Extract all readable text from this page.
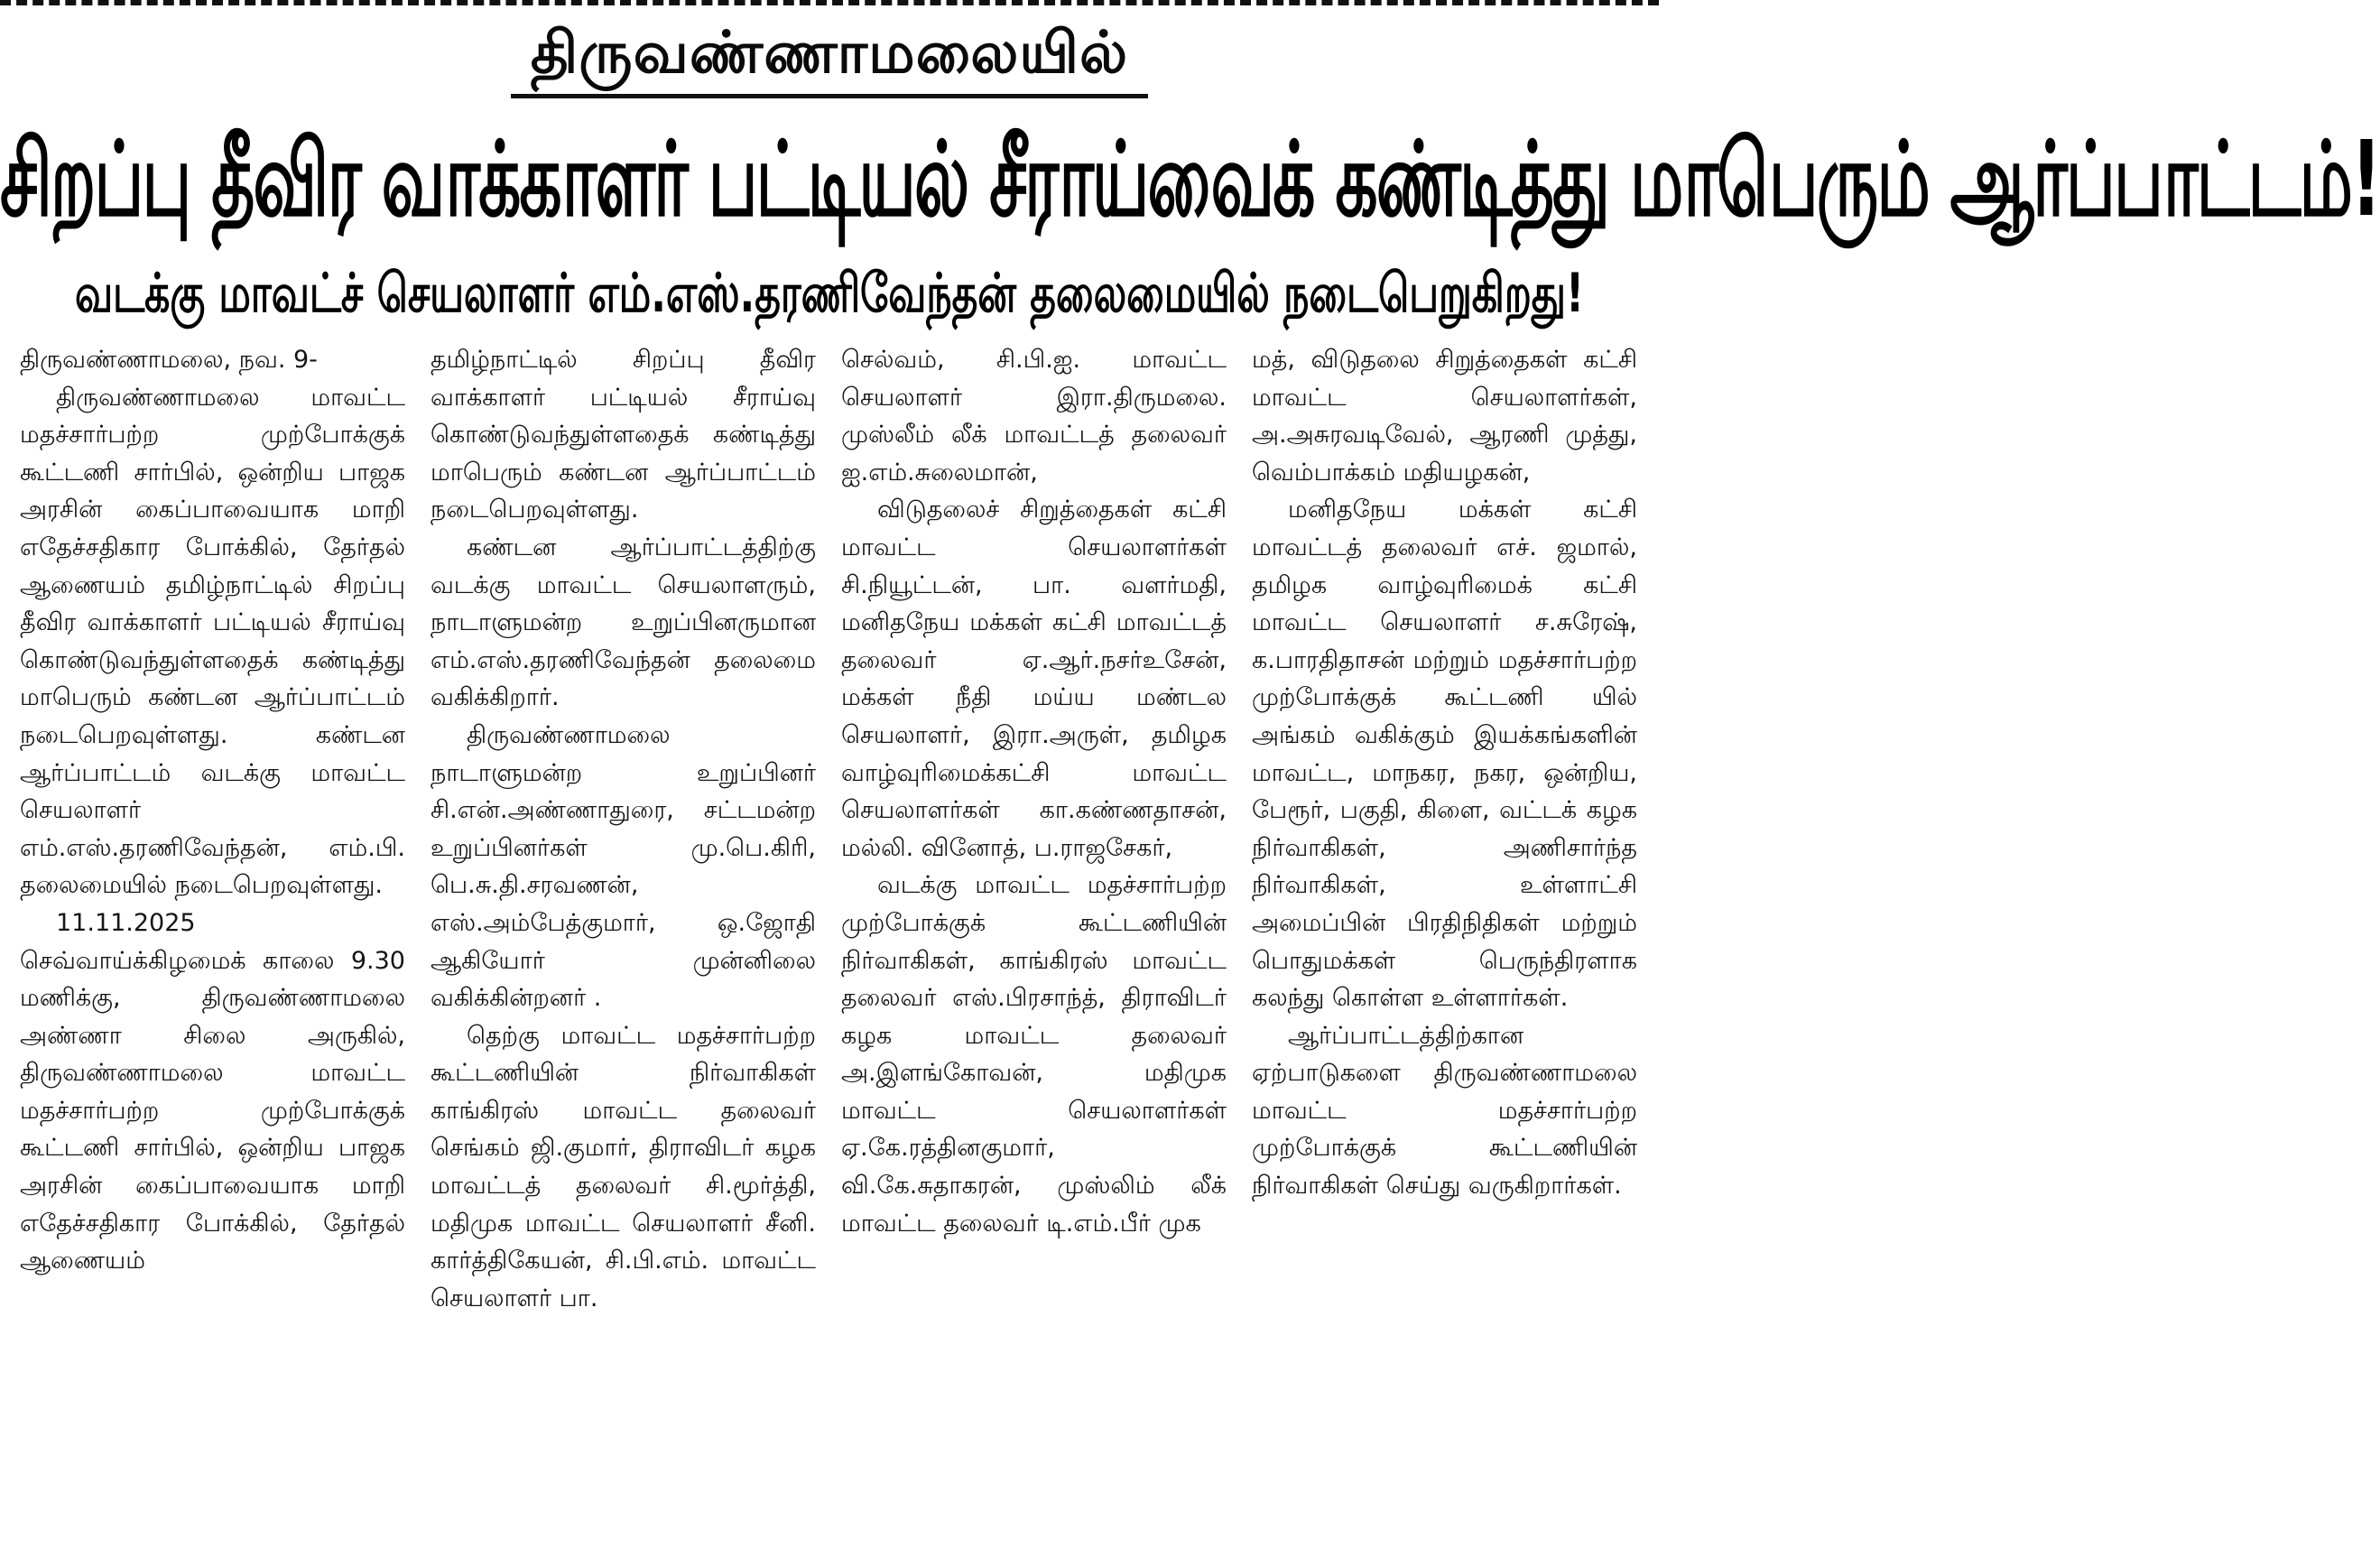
திருவண்ணாமலையில்
சிறப்பு தீவிர வாக்காளர் பட்டியல் சீராய்வைக் கண்டித்து மாபெரும் ஆர்ப்பாட்டம்!
வடக்கு மாவட்ச் செயலாளர் எம்.எஸ்.தரணிவேந்தன் தலைமையில் நடைபெறுகிறது!

திருவண்ணாமலை, நவ. 9-

திருவண்ணாமலை மாவட்ட மதச்சார்பற்ற முற்போக்குக் கூட்டணி சார்பில், ஒன்றிய பாஜக அரசின் கைப்பாவையாக மாறி எதேச்சதிகார போக்கில், தேர்தல் ஆணையம் தமிழ்நாட்டில் சிறப்பு தீவிர வாக்காளர் பட்டியல் சீராய்வு கொண்டுவந்துள்ளதைக் கண்டித்து மாபெரும் கண்டன ஆர்ப்பாட்டம் நடைபெறவுள்ளது. கண்டன ஆர்ப்பாட்டம் வடக்கு மாவட்ட செயலாளர் எம்.எஸ்.தரணிவேந்தன், எம்.பி. தலைமையில் நடைபெறவுள்ளது.

11.11.2025 செவ்வாய்க்கிழமைக் காலை 9.30 மணிக்கு, திருவண்ணாமலை அண்ணா சிலை அருகில், திருவண்ணாமலை மாவட்ட மதச்சார்பற்ற முற்போக்குக் கூட்டணி சார்பில், ஒன்றிய பாஜக அரசின் கைப்பாவையாக மாறி எதேச்சதிகார போக்கில், தேர்தல் ஆணையம்

தமிழ்நாட்டில் சிறப்பு தீவிர வாக்காளர் பட்டியல் சீராய்வு கொண்டுவந்துள்ளதைக் கண்டித்து மாபெரும் கண்டன ஆர்ப்பாட்டம் நடைபெறவுள்ளது.

கண்டன ஆர்ப்பாட்டத்திற்கு வடக்கு மாவட்ட செயலாளரும், நாடாளுமன்ற உறுப்பினருமான எம்.எஸ்.தரணிவேந்தன் தலைமை வகிக்கிறார்.

திருவண்ணாமலை நாடாளுமன்ற உறுப்பினர் சி.என்.அண்ணாதுரை, சட்டமன்ற உறுப்பினர்கள் மு.பெ.கிரி, பெ.சு.தி.சரவணன், எஸ்.அம்பேத்குமார், ஒ.ஜோதி ஆகியோர் முன்னிலை வகிக்கின்றனர் .

தெற்கு மாவட்ட மதச்சார்பற்ற கூட்டணியின் நிர்வாகிகள் காங்கிரஸ் மாவட்ட தலைவர் செங்கம் ஜி.குமார், திராவிடர் கழக மாவட்டத் தலைவர் சி.மூர்த்தி, மதிமுக மாவட்ட செயலாளர் சீனி. கார்த்திகேயன், சி.பி.எம். மாவட்ட செயலாளர் பா.

செல்வம், சி.பி.ஐ. மாவட்ட செயலாளர் இரா.திருமலை. முஸ்லீம் லீக் மாவட்டத் தலைவர் ஐ.எம்.சுலைமான்,

விடுதலைச் சிறுத்தைகள் கட்சி மாவட்ட செயலாளர்கள் சி.நியூட்டன், பா. வளர்மதி, மனிதநேய மக்கள் கட்சி மாவட்டத் தலைவர் ஏ.ஆர்.நசர்உசேன், மக்கள் நீதி மய்ய மண்டல செயலாளர், இரா.அருள், தமிழக வாழ்வுரிமைக்கட்சி மாவட்ட செயலாளர்கள் கா.கண்ணதாசன், மல்லி. வினோத், ப.ராஜசேகர்,

வடக்கு மாவட்ட மதச்சார்பற்ற முற்போக்குக் கூட்டணியின் நிர்வாகிகள், காங்கிரஸ் மாவட்ட தலைவர் எஸ்.பிரசாந்த், திராவிடர் கழக மாவட்ட தலைவர் அ.இளங்கோவன், மதிமுக மாவட்ட செயலாளர்கள் ஏ.கே.ரத்தினகுமார், வி.கே.சுதாகரன், முஸ்லிம் லீக் மாவட்ட தலைவர் டி.எம்.பீர் முக

மத், விடுதலை சிறுத்தைகள் கட்சி மாவட்ட செயலாளர்கள், அ.அசுரவடிவேல், ஆரணி முத்து, வெம்பாக்கம் மதியழகன்,

மனிதநேய மக்கள் கட்சி மாவட்டத் தலைவர் எச். ஜமால், தமிழக வாழ்வுரிமைக் கட்சி மாவட்ட செயலாளர் ச.சுரேஷ், க.பாரதிதாசன் மற்றும் மதச்சார்பற்ற முற்போக்குக் கூட்டணி யில் அங்கம் வகிக்கும் இயக்கங்களின் மாவட்ட, மாநகர, நகர, ஒன்றிய, பேரூர், பகுதி, கிளை, வட்டக் கழக நிர்வாகிகள், அணிசார்ந்த நிர்வாகிகள், உள்ளாட்சி அமைப்பின் பிரதிநிதிகள் மற்றும் பொதுமக்கள் பெருந்திரளாக கலந்து கொள்ள உள்ளார்கள்.

ஆர்ப்பாட்டத்திற்கான ஏற்பாடுகளை திருவண்ணாமலை மாவட்ட மதச்சார்பற்ற முற்போக்குக் கூட்டணியின் நிர்வாகிகள் செய்து வருகிறார்கள்.
